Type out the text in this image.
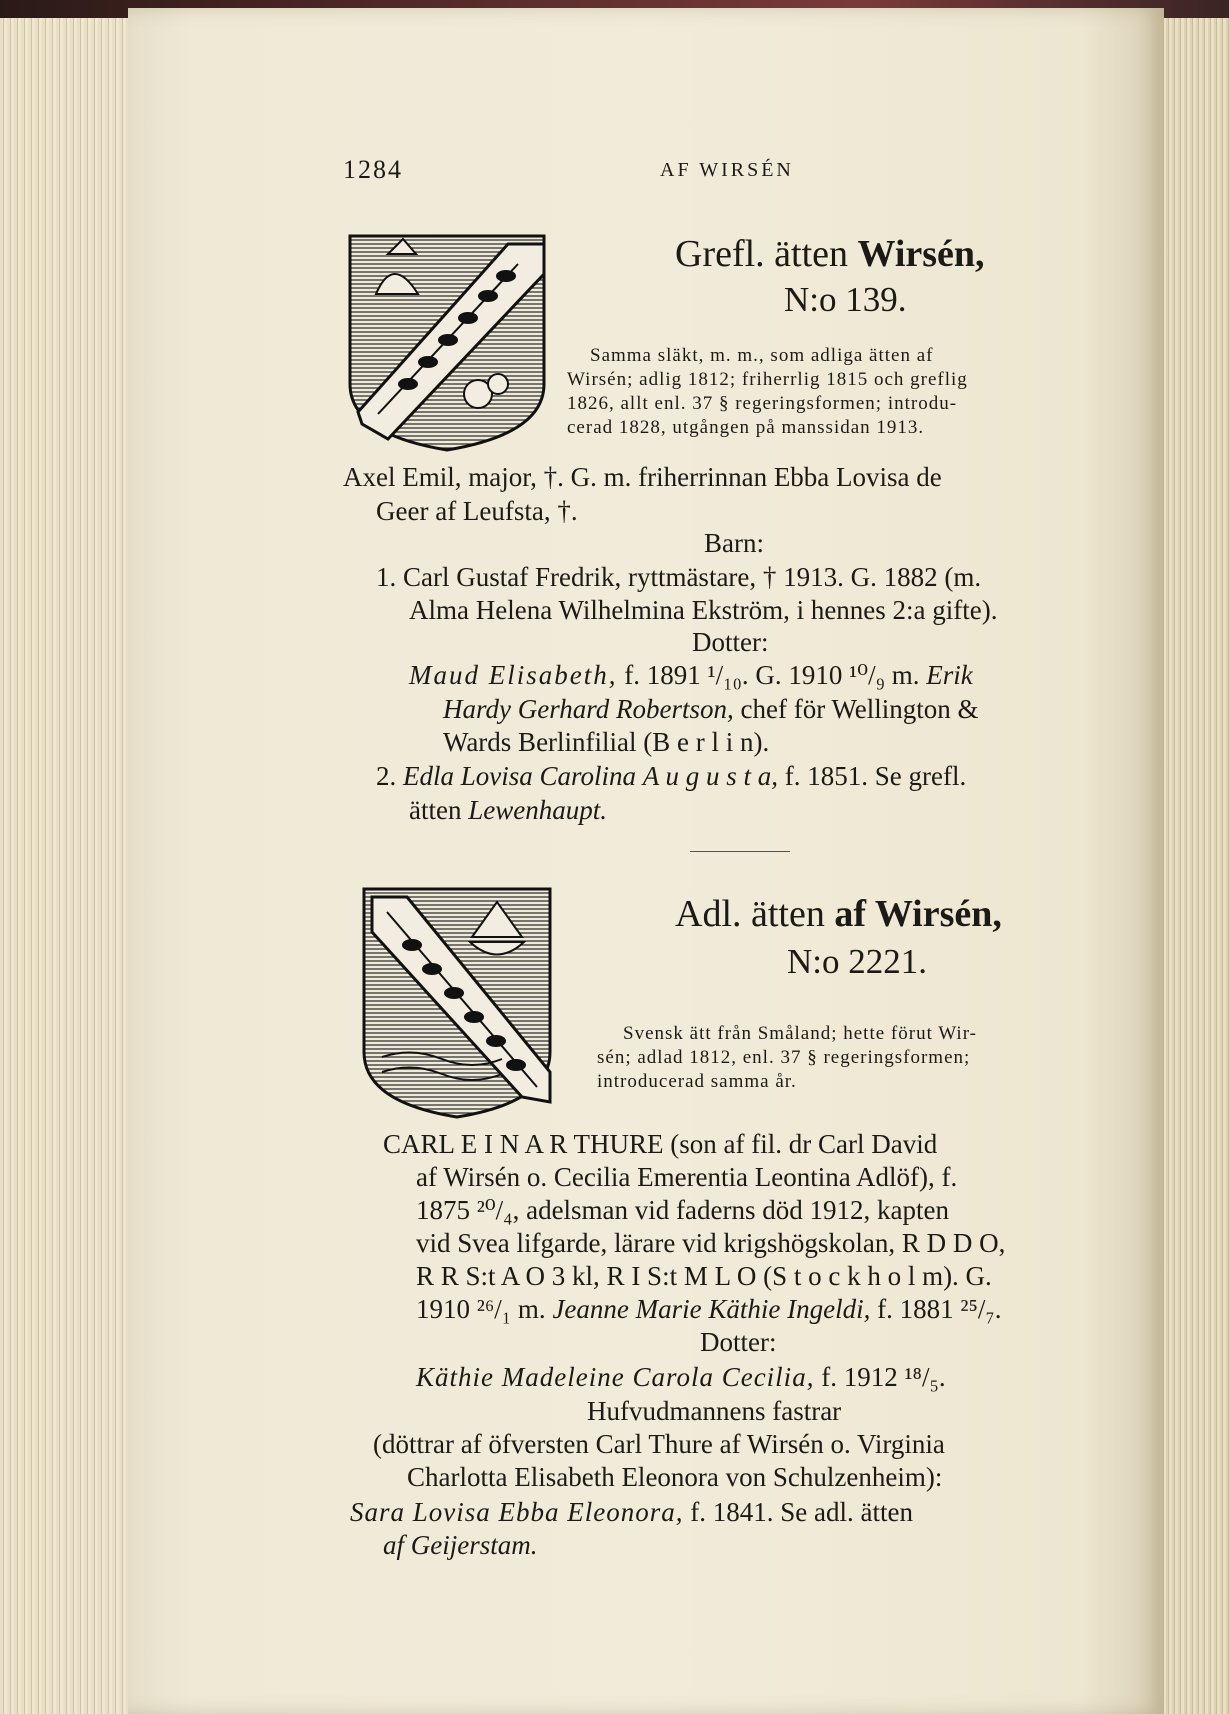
1284	AF WIRSÉN
Grefl. ätten Wirsén,
N:o 139.
Samma släkt, m. m., som adliga ätten af
Wirsén; adlig 1812; friherrlig 1815 och greflig
1826, allt enl. 37 § regeringsformen; introdu-
cerad 1828, utgången på manssidan 1913.
Axel Emil, major, †. G. m. friherrinnan Ebba Lovisa de
Geer af Leufsta, †.
Barn:
1. Carl Gustaf Fredrik, ryttmästare, † 1913. G. 1882 (m.
Alma Helena Wilhelmina Ekström, i hennes 2:a gifte).
Dotter:
Maud Elisabeth, f. 1891 ¹/₁₀. G. 1910 ¹⁰/₉ m. Erik
Hardy Gerhard Robertson, chef för Wellington &
Wards Berlinfilial (B e r l i n).
2. Edla Lovisa Carolina A u g u s t a, f. 1851. Se grefl.
ätten Lewenhaupt.
Adl. ätten af Wirsén,
N:o 2221.
Svensk ätt från Småland; hette förut Wir-
sén; adlad 1812, enl. 37 § regeringsformen;
introducerad samma år.
CARL E I N A R THURE (son af fil. dr Carl David
af Wirsén o. Cecilia Emerentia Leontina Adlöf), f.
1875 ²⁰/₄, adelsman vid faderns död 1912, kapten
vid Svea lifgarde, lärare vid krigshögskolan, R D D O,
R R S:t A O 3 kl, R I S:t M L O (S t o c k h o l m). G.
1910 ²⁶/₁ m. Jeanne Marie Käthie Ingeldi, f. 1881 ²⁵/₇.
Dotter:
Käthie Madeleine Carola Cecilia, f. 1912 ¹⁸/₅.
Hufvudmannens fastrar
(döttrar af öfversten Carl Thure af Wirsén o. Virginia
Charlotta Elisabeth Eleonora von Schulzenheim):
Sara Lovisa Ebba Eleonora, f. 1841. Se adl. ätten
af Geijerstam.
